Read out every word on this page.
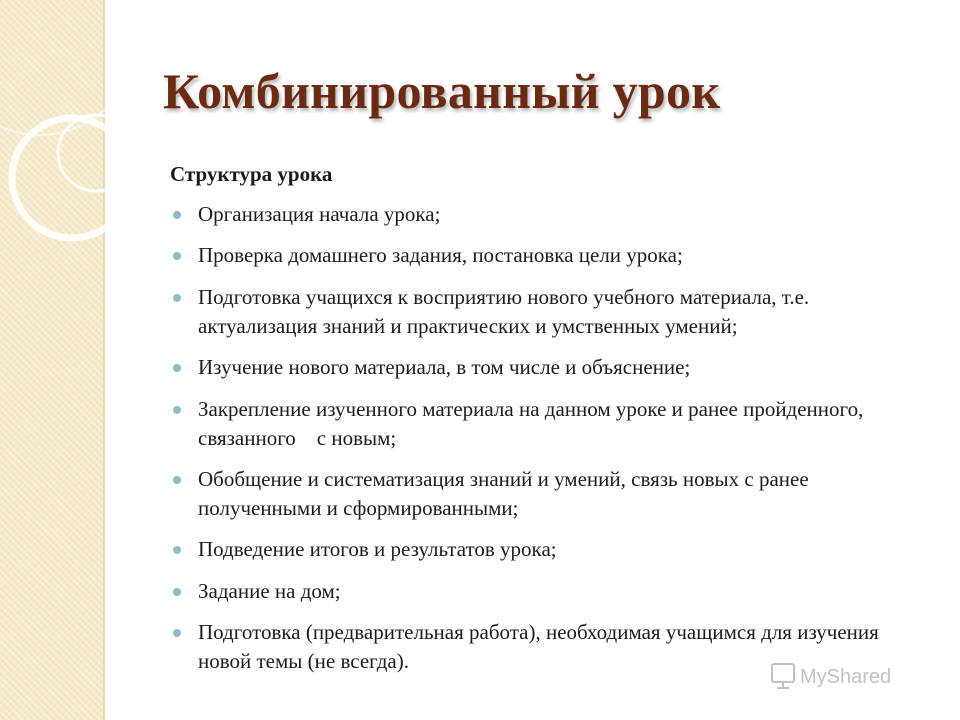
Комбинированный урок
Структура урока
Организация начала урока;
Проверка домашнего задания, постановка цели урока;
Подготовка учащихся к восприятию нового учебного материала, т.е. актуализация знаний и практических и умственных умений;
Изучение нового материала, в том числе и объяснение;
Закрепление изученного материала на данном уроке и ранее пройденного, связанного    с новым;
Обобщение и систематизация знаний и умений, связь новых с ранее полученными и сформированными;
Подведение итогов и результатов урока;
Задание на дом;
Подготовка (предварительная работа), необходимая учащимся для изучения новой темы (не всегда).
MyShared
